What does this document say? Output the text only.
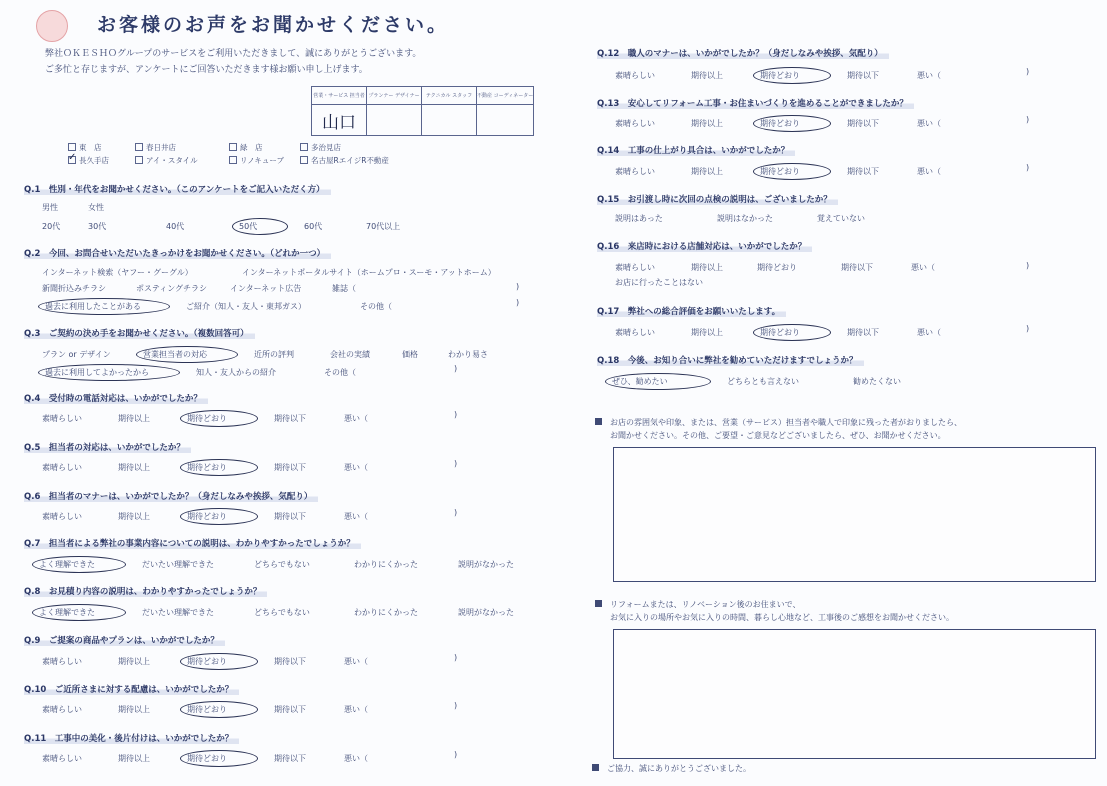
お客様のお声をお聞かせください。
弊社ＯＫＥＳＨＯグループのサービスをご利用いただきまして、誠にありがとうございます。
ご多忙と存じますが、アンケートにご回答いただきます様お願い申し上げます。
営業・サービス 担当者	プランナー デザイナー	テクニカル スタッフ	不動産 コーディネーター
山口			
東　店	春日井店	緑　店	多治見店
✓ 長久手店	アイ・スタイル	リノキューブ	名古屋RエイジR不動産
Q.1　性別・年代をお聞かせください。（このアンケートをご記入いただく方）
男性	女性
20代	30代	40代	50代	60代	70代以上
Q.2　今回、お問合せいただいたきっかけをお聞かせください。（どれか一つ）
インターネット検索（ヤフー・グーグル）	インターネットポータルサイト（ホームプロ・スーモ・アットホーム）
新聞折込みチラシ	ポスティングチラシ	インターネット広告	雑誌（
過去に利用したことがある	ご紹介（知人・友人・東邦ガス）	その他（
)
)
Q.3　ご契約の決め手をお聞かせください。（複数回答可）
プラン or デザイン	営業担当者の対応	近所の評判	会社の実績	価格	わかり易さ
過去に利用してよかったから	知人・友人からの紹介	その他（	)
Q.4　受付時の電話対応は、いかがでしたか？
素晴らしい	期待以上	期待どおり	期待以下	悪い（	)
Q.5　担当者の対応は、いかがでしたか？
素晴らしい	期待以上	期待どおり	期待以下	悪い（	)
Q.6　担当者のマナーは、いかがでしたか？（身だしなみや挨拶、気配り）
素晴らしい	期待以上	期待どおり	期待以下	悪い（	)
Q.7　担当者による弊社の事業内容についての説明は、わかりやすかったでしょうか？
よく理解できた	だいたい理解できた	どちらでもない	わかりにくかった	説明がなかった
Q.8　お見積り内容の説明は、わかりやすかったでしょうか？
よく理解できた	だいたい理解できた	どちらでもない	わかりにくかった	説明がなかった
Q.9　ご提案の商品やプランは、いかがでしたか？
素晴らしい	期待以上	期待どおり	期待以下	悪い（	)
Q.10　ご近所さまに対する配慮は、いかがでしたか？
素晴らしい	期待以上	期待どおり	期待以下	悪い（	)
Q.11　工事中の美化・後片付けは、いかがでしたか？
素晴らしい	期待以上	期待どおり	期待以下	悪い（	)
Q.12　職人のマナーは、いかがでしたか？（身だしなみや挨拶、気配り）
素晴らしい	期待以上	期待どおり	期待以下	悪い（	)
Q.13　安心してリフォーム工事・お住まいづくりを進めることができましたか？
素晴らしい	期待以上	期待どおり	期待以下	悪い（	)
Q.14　工事の仕上がり具合は、いかがでしたか？
素晴らしい	期待以上	期待どおり	期待以下	悪い（	)
Q.15　お引渡し時に次回の点検の説明は、ございましたか？
説明はあった	説明はなかった	覚えていない
Q.16　来店時における店舗対応は、いかがでしたか？
素晴らしい	期待以上	期待どおり	期待以下	悪い（
お店に行ったことはない
)
Q.17　弊社への総合評価をお願いいたします。
素晴らしい	期待以上	期待どおり	期待以下	悪い（	)
Q.18　今後、お知り合いに弊社を勧めていただけますでしょうか？
ぜひ、勧めたい	どちらとも言えない	勧めたくない
お店の雰囲気や印象、または、営業（サービス）担当者や職人で印象に残った者がおりましたら、
お聞かせください。その他、ご要望・ご意見などございましたら、ぜひ、お聞かせください。
リフォームまたは、リノベーション後のお住まいで、
お気に入りの場所やお気に入りの時間、暮らし心地など、工事後のご感想をお聞かせください。
ご協力、誠にありがとうございました。
